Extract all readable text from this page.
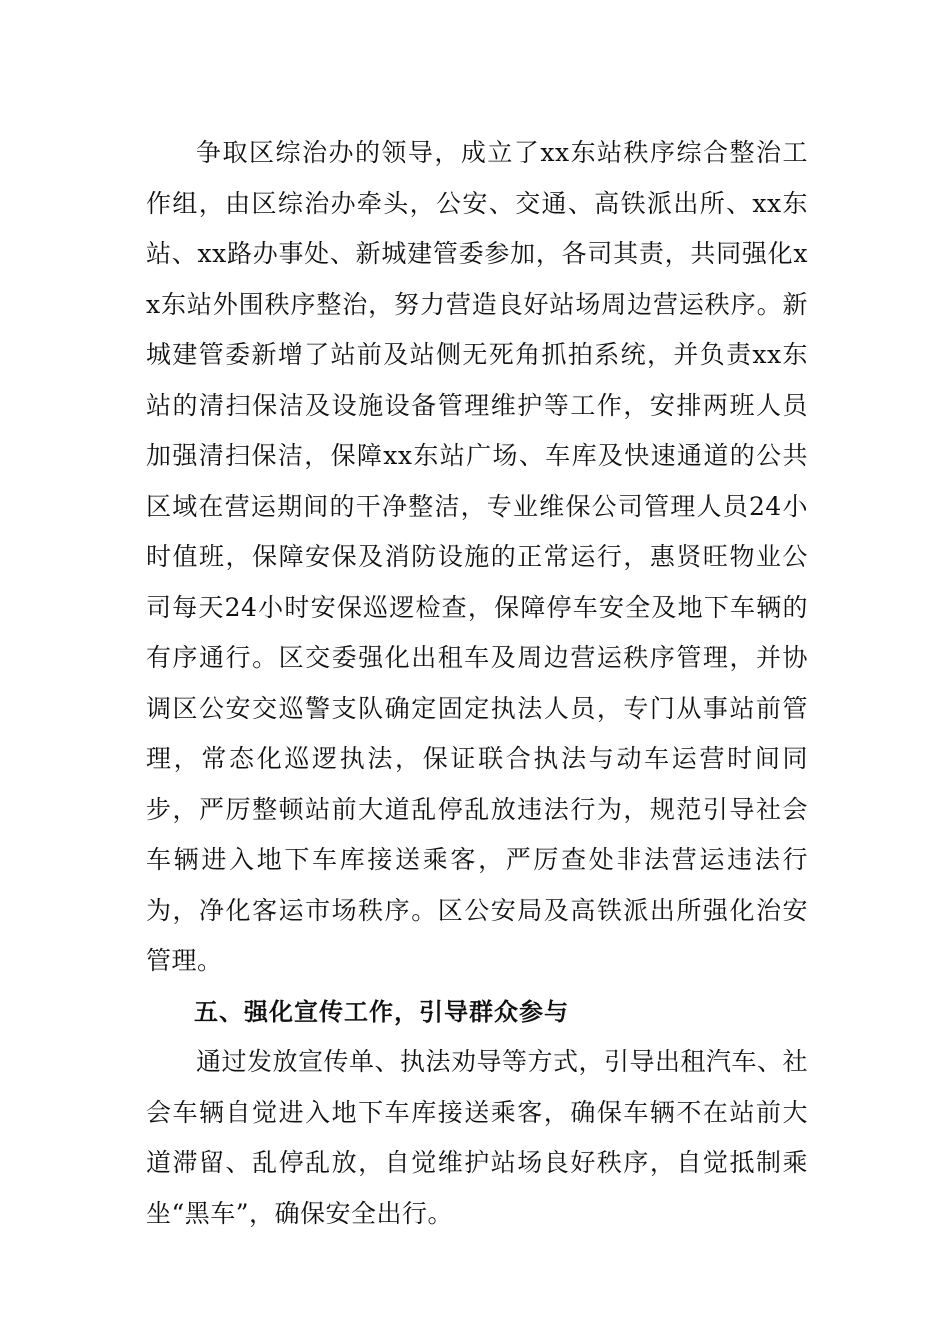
争取区综治办的领导，成立了xx东站秩序综合整治工作组，由区综治办牵头，公安、交通、高铁派出所、xx东站、xx路办事处、新城建管委参加，各司其责，共同强化xx东站外围秩序整治，努力营造良好站场周边营运秩序。新城建管委新增了站前及站侧无死角抓拍系统，并负责xx东站的清扫保洁及设施设备管理维护等工作，安排两班人员加强清扫保洁，保障xx东站广场、车库及快速通道的公共区域在营运期间的干净整洁，专业维保公司管理人员24小时值班，保障安保及消防设施的正常运行，惠贤旺物业公司每天24小时安保巡逻检查，保障停车安全及地下车辆的有序通行。区交委强化出租车及周边营运秩序管理，并协调区公安交巡警支队确定固定执法人员，专门从事站前管理，常态化巡逻执法，保证联合执法与动车运营时间同步，严厉整顿站前大道乱停乱放违法行为，规范引导社会车辆进入地下车库接送乘客，严厉查处非法营运违法行为，净化客运市场秩序。区公安局及高铁派出所强化治安管理。

五、强化宣传工作，引导群众参与

通过发放宣传单、执法劝导等方式，引导出租汽车、社会车辆自觉进入地下车库接送乘客，确保车辆不在站前大道滞留、乱停乱放，自觉维护站场良好秩序，自觉抵制乘坐“黑车”，确保安全出行。
